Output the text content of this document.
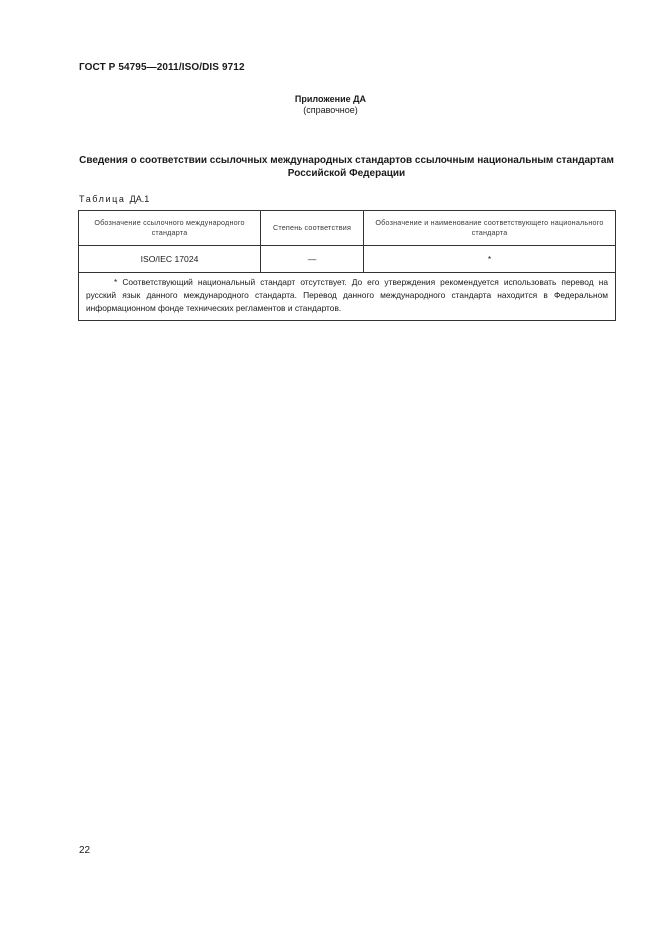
ГОСТ Р 54795—2011/ISO/DIS 9712
Приложение ДА
(справочное)
Сведения о соответствии ссылочных международных стандартов ссылочным национальным стандартам Российской Федерации
Таблица ДА.1
Обозначение ссылочного международного стандарта	Степень соответствия	Обозначение и наименование соответствующего национального стандарта
ISO/IEC 17024	—	*

* Соответствующий национальный стандарт отсутствует. До его утверждения рекомендуется использовать перевод на русский язык данного международного стандарта. Перевод данного международного стандарта находится в Федеральном информационном фонде технических регламентов и стандартов.		

22
